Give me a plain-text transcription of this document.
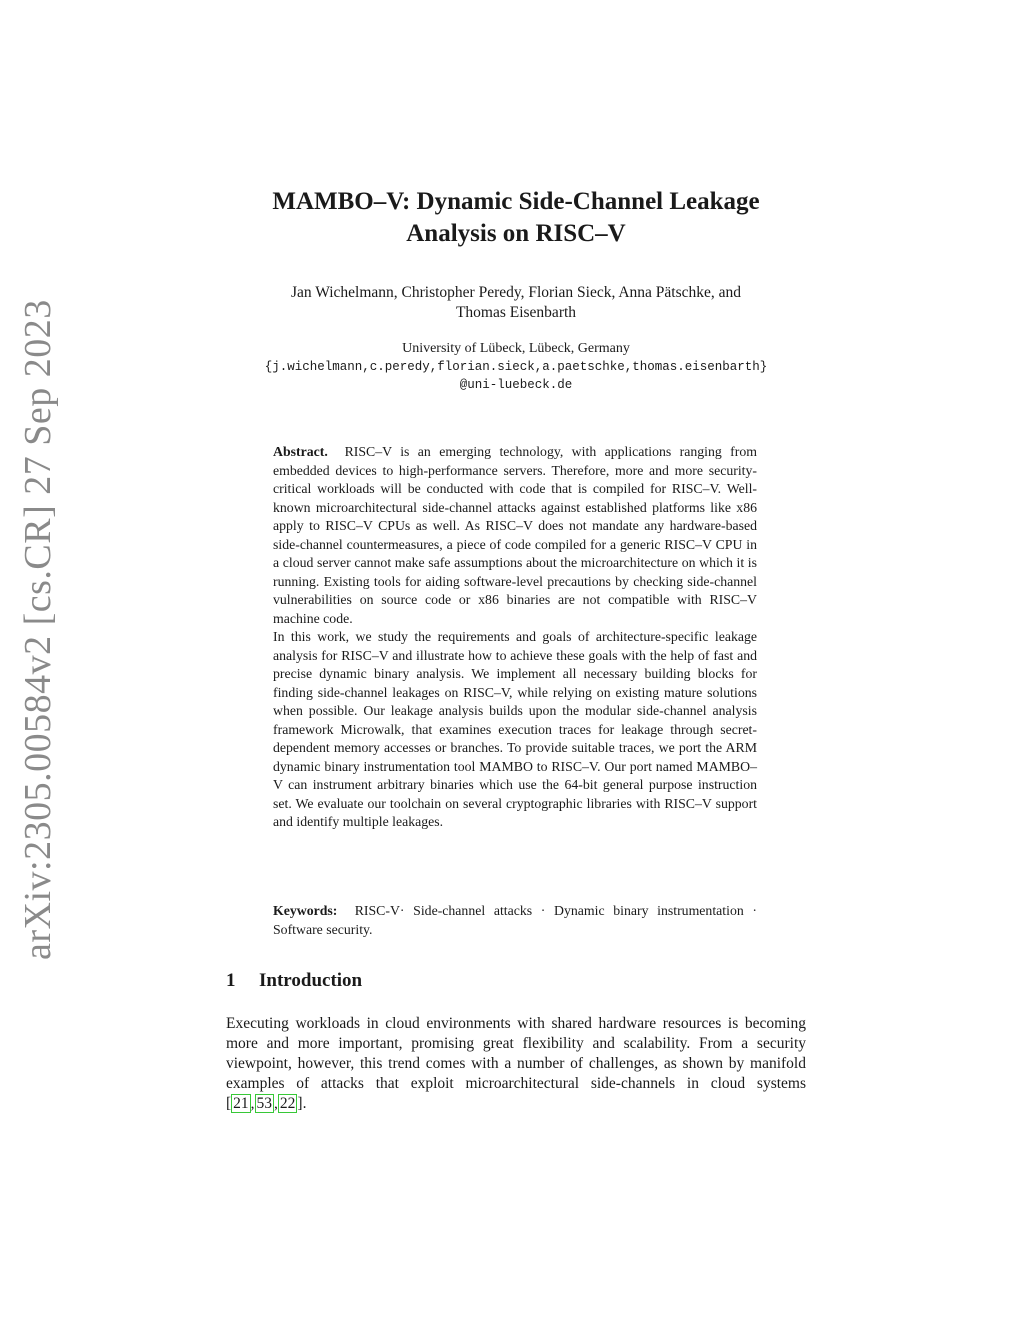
arXiv:2305.00584v2 [cs.CR] 27 Sep 2023
MAMBO–V: Dynamic Side-Channel Leakage
Analysis on RISC–V
Jan Wichelmann, Christopher Peredy, Florian Sieck, Anna Pätschke, and
Thomas Eisenbarth
University of Lübeck, Lübeck, Germany
{j.wichelmann,c.peredy,florian.sieck,a.paetschke,thomas.eisenbarth}
@uni-luebeck.de

Abstract. RISC–V is an emerging technology, with applications ranging from embedded devices to high-performance servers. Therefore, more and more security-critical workloads will be conducted with code that is compiled for RISC–V. Well-known microarchitectural side-channel attacks against established platforms like x86 apply to RISC–V CPUs as well. As RISC–V does not mandate any hardware-based side-channel countermeasures, a piece of code compiled for a generic RISC–V CPU in a cloud server cannot make safe assumptions about the microarchitecture on which it is running. Existing tools for aiding software-level precautions by checking side-channel vulnerabilities on source code or x86 binaries are not compatible with RISC–V machine code.

In this work, we study the requirements and goals of architecture-specific leakage analysis for RISC–V and illustrate how to achieve these goals with the help of fast and precise dynamic binary analysis. We implement all necessary building blocks for finding side-channel leakages on RISC–V, while relying on existing mature solutions when possible. Our leakage analysis builds upon the modular side-channel analysis framework Microwalk, that examines execution traces for leakage through secret-dependent memory accesses or branches. To provide suitable traces, we port the ARM dynamic binary instrumentation tool MAMBO to RISC–V. Our port named MAMBO–V can instrument arbitrary binaries which use the 64-bit general purpose instruction set. We evaluate our toolchain on several cryptographic libraries with RISC–V support and identify multiple leakages.

Keywords: RISC-V· Side-channel attacks · Dynamic binary instrumentation · Software security.
1 Introduction

Executing workloads in cloud environments with shared hardware resources is becoming more and more important, promising great flexibility and scalability. From a security viewpoint, however, this trend comes with a number of challenges, as shown by manifold examples of attacks that exploit microarchitectural side-channels in cloud systems [ 21 , 53 , 22 ].
